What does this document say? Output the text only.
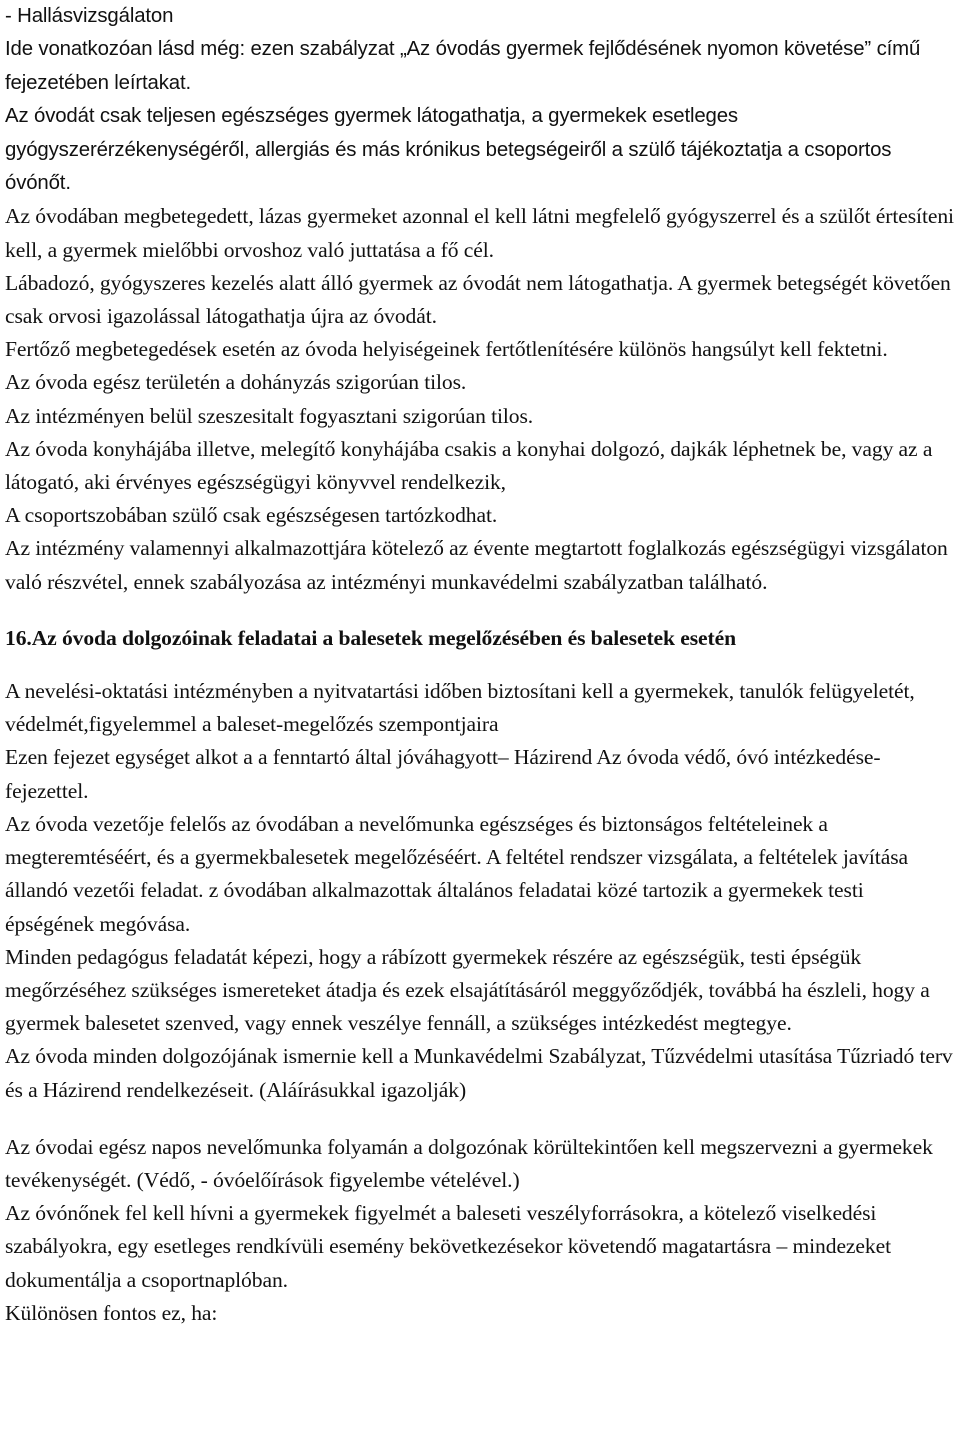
- Hallásvizsgálaton

Ide vonatkozóan lásd még: ezen szabályzat „Az óvodás gyermek fejlődésének nyomon követése” című fejezetében leírtakat.

Az óvodát csak teljesen egészséges gyermek látogathatja, a gyermekek esetleges gyógyszerérzékenységéről, allergiás és más krónikus betegségeiről a szülő tájékoztatja a csoportos óvónőt.

Az óvodában megbetegedett, lázas gyermeket azonnal el kell látni megfelelő gyógyszerrel és a szülőt értesíteni kell, a gyermek mielőbbi orvoshoz való juttatása a fő cél.

Lábadozó, gyógyszeres kezelés alatt álló gyermek az óvodát nem látogathatja. A gyermek betegségét követően csak orvosi igazolással látogathatja újra az óvodát.

Fertőző megbetegedések esetén az óvoda helyiségeinek fertőtlenítésére különös hangsúlyt kell fektetni.

Az óvoda egész területén a dohányzás szigorúan tilos.

Az intézményen belül szeszesitalt fogyasztani szigorúan tilos.

Az óvoda konyhájába illetve, melegítő konyhájába csakis a konyhai dolgozó, dajkák léphetnek be, vagy az a látogató, aki érvényes egészségügyi könyvvel rendelkezik,

A csoportszobában szülő csak egészségesen tartózkodhat.

Az intézmény valamennyi alkalmazottjára kötelező az évente megtartott foglalkozás egészségügyi vizsgálaton való részvétel, ennek szabályozása az intézményi munkavédelmi szabályzatban található.

16.Az óvoda dolgozóinak feladatai a balesetek megelőzésében és balesetek esetén

A nevelési-oktatási intézményben a nyitvatartási időben biztosítani kell a gyermekek, tanulók felügyeletét, védelmét,figyelemmel a baleset-megelőzés szempontjaira

Ezen fejezet egységet alkot a a fenntartó által jóváhagyott– Házirend Az óvoda védő, óvó intézkedése- fejezettel.

Az óvoda vezetője felelős az óvodában a nevelőmunka egészséges és biztonságos feltételeinek a megteremtéséért, és a gyermekbalesetek megelőzéséért. A feltétel rendszer vizsgálata, a feltételek javítása állandó vezetői feladat. z óvodában alkalmazottak általános feladatai közé tartozik a gyermekek testi épségének megóvása.

Minden pedagógus feladatát képezi, hogy a rábízott gyermekek részére az egészségük, testi épségük megőrzéséhez szükséges ismereteket átadja és ezek elsajátításáról meggyőződjék, továbbá ha észleli, hogy a gyermek balesetet szenved, vagy ennek veszélye fennáll, a szükséges intézkedést megtegye.

Az óvoda minden dolgozójának ismernie kell a Munkavédelmi Szabályzat, Tűzvédelmi utasítása Tűzriadó terv és a Házirend rendelkezéseit. (Aláírásukkal igazolják)

Az óvodai egész napos nevelőmunka folyamán a dolgozónak körültekintően kell megszervezni a gyermekek tevékenységét. (Védő, - óvóelőírások figyelembe vételével.)

Az óvónőnek fel kell hívni a gyermekek figyelmét a baleseti veszélyforrásokra, a kötelező viselkedési szabályokra, egy esetleges rendkívüli esemény bekövetkezésekor követendő magatartásra – mindezeket dokumentálja a csoportnaplóban.

Különösen fontos ez, ha:
